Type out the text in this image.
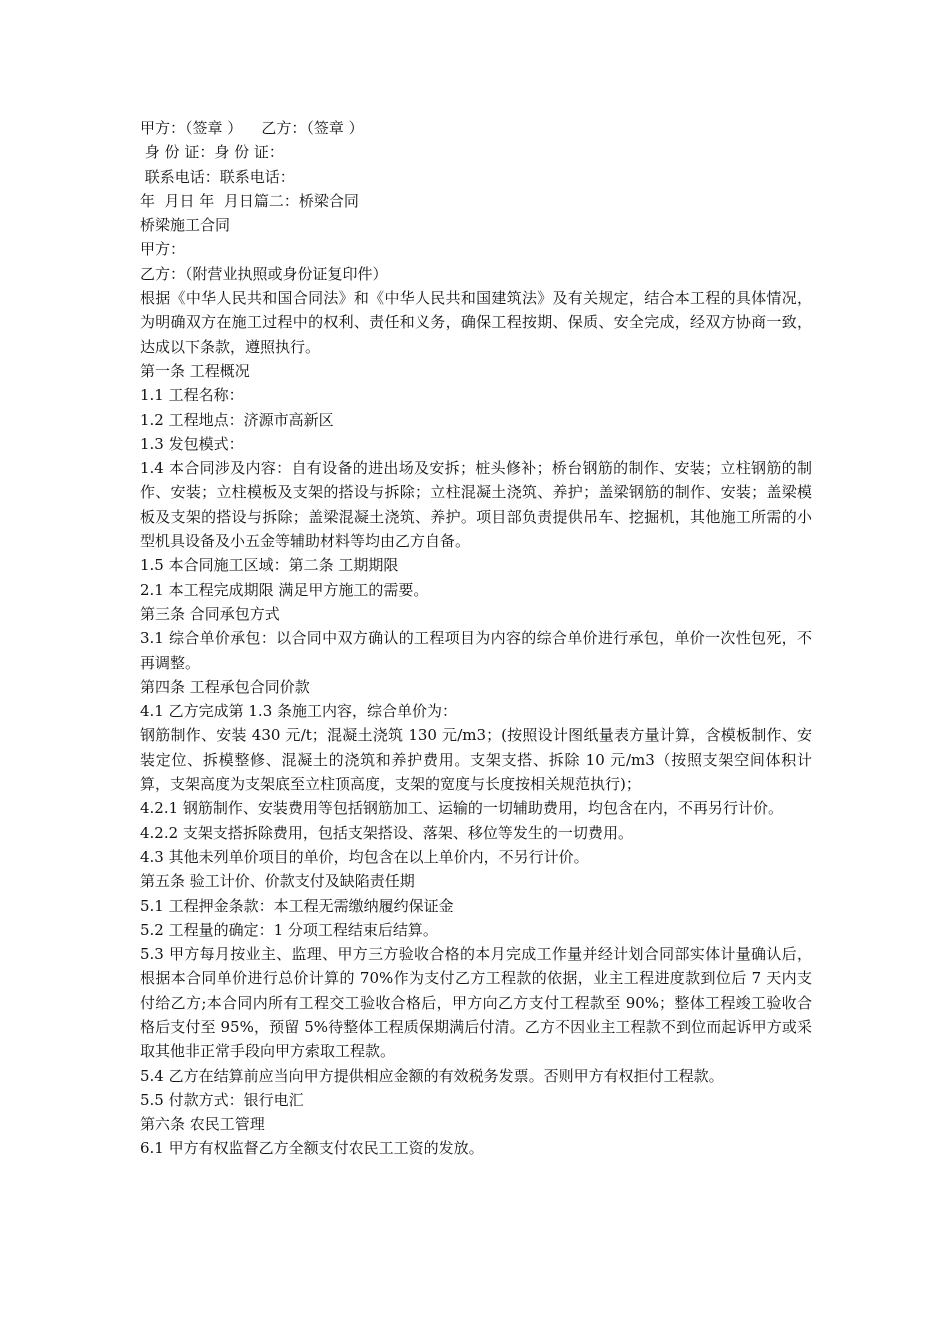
甲方：（签章 ）    乙方：（签章 ）

身 份 证：身 份 证：

联系电话：联系电话：

年  月日 年  月日篇二：桥梁合同

桥梁施工合同

甲方：

乙方：（附营业执照或身份证复印件）

根据《中华人民共和国合同法》和《中华人民共和国建筑法》及有关规定，结合本工程的具体情况，为明确双方在施工过程中的权利、责任和义务，确保工程按期、保质、安全完成，经双方协商一致，达成以下条款，遵照执行。

第一条 工程概况

1.1 工程名称：

1.2 工程地点：济源市高新区

1.3 发包模式：

1.4 本合同涉及内容：自有设备的进出场及安拆；桩头修补；桥台钢筋的制作、安装；立柱钢筋的制作、安装；立柱模板及支架的搭设与拆除；立柱混凝土浇筑、养护；盖梁钢筋的制作、安装；盖梁模板及支架的搭设与拆除；盖梁混凝土浇筑、养护。项目部负责提供吊车、挖掘机，其他施工所需的小型机具设备及小五金等辅助材料等均由乙方自备。

1.5 本合同施工区域：第二条 工期期限

2.1 本工程完成期限 满足甲方施工的需要。

第三条 合同承包方式

3.1 综合单价承包：以合同中双方确认的工程项目为内容的综合单价进行承包，单价一次性包死，不再调整。

第四条 工程承包合同价款

4.1 乙方完成第 1.3 条施工内容，综合单价为：

钢筋制作、安装 430 元/t；混凝土浇筑 130 元/m3；(按照设计图纸量表方量计算，含模板制作、安装定位、拆模整修、混凝土的浇筑和养护费用。支架支搭、拆除 10 元/m3（按照支架空间体积计算，支架高度为支架底至立柱顶高度，支架的宽度与长度按相关规范执行)；

4.2.1 钢筋制作、安装费用等包括钢筋加工、运输的一切辅助费用，均包含在内，不再另行计价。

4.2.2 支架支搭拆除费用，包括支架搭设、落架、移位等发生的一切费用。

4.3 其他未列单价项目的单价，均包含在以上单价内，不另行计价。

第五条 验工计价、价款支付及缺陷责任期

5.1 工程押金条款：本工程无需缴纳履约保证金

5.2 工程量的确定：1 分项工程结束后结算。

5.3 甲方每月按业主、监理、甲方三方验收合格的本月完成工作量并经计划合同部实体计量确认后，根据本合同单价进行总价计算的 70%作为支付乙方工程款的依据，业主工程进度款到位后 7 天内支付给乙方;本合同内所有工程交工验收合格后，甲方向乙方支付工程款至 90%；整体工程竣工验收合格后支付至 95%，预留 5%待整体工程质保期满后付清。乙方不因业主工程款不到位而起诉甲方或采取其他非正常手段向甲方索取工程款。

5.4 乙方在结算前应当向甲方提供相应金额的有效税务发票。否则甲方有权拒付工程款。

5.5 付款方式：银行电汇

第六条 农民工管理

6.1 甲方有权监督乙方全额支付农民工工资的发放。
